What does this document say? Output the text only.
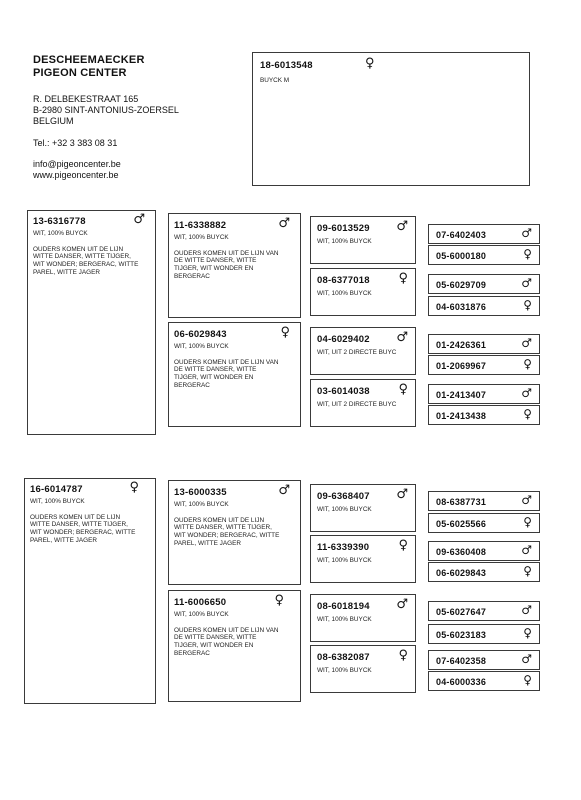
DESCHEEMAECKER
PIGEON CENTER
R. DELBEKESTRAAT 165
B-2980 SINT-ANTONIUS-ZOERSEL
BELGIUM
Tel.: +32 3 383 08 31
info@pigeoncenter.be
www.pigeoncenter.be
18-6013548	♀
BUYCK M
13-6316778	♂
WIT, 100% BUYCK

OUDERS KOMEN UIT DE LIJN
WITTE DANSER, WITTE TIJGER,
WIT WONDER; BERGERAC, WITTE
PAREL, WITTE JAGER
11-6338882	♂
WIT, 100% BUYCK

OUDERS KOMEN UIT DE LIJN VAN
DE WITTE DANSER, WITTE
TIJGER, WIT WONDER EN
BERGERAC
06-6029843	♀
WIT, 100% BUYCK

OUDERS KOMEN UIT DE LIJN VAN
DE WITTE DANSER, WITTE
TIJGER, WIT WONDER EN
BERGERAC
09-6013529 ♂
WIT, 100% BUYCK
08-6377018 ♀
WIT, 100% BUYCK
04-6029402 ♂
WIT, UIT 2 DIRECTE BUYC
03-6014038 ♀
WIT, UIT 2 DIRECTE BUYC
07-6402403	♂
05-6000180	♀
05-6029709	♂
04-6031876	♀
01-2426361	♂
01-2069967	♀
01-2413407	♂
01-2413438	♀
16-6014787	♀
WIT, 100% BUYCK

OUDERS KOMEN UIT DE LIJN
WITTE DANSER, WITTE TIJGER,
WIT WONDER; BERGERAC, WITTE
PAREL, WITTE JAGER
13-6000335	♂
WIT, 100% BUYCK

OUDERS KOMEN UIT DE LIJN
WITTE DANSER, WITTE TIJGER,
WIT WONDER; BERGERAC, WITTE
PAREL, WITTE JAGER
11-6006650	♀
WIT, 100% BUYCK

OUDERS KOMEN UIT DE LIJN VAN
DE WITTE DANSER, WITTE
TIJGER, WIT WONDER EN
BERGERAC
09-6368407 ♂
WIT, 100% BUYCK
11-6339390 ♀
WIT, 100% BUYCK
08-6018194 ♂
WIT, 100% BUYCK
08-6382087 ♀
WIT, 100% BUYCK
08-6387731	♂
05-6025566	♀
09-6360408	♂
06-6029843	♀
05-6027647	♂
05-6023183	♀
07-6402358	♂
04-6000336	♀
